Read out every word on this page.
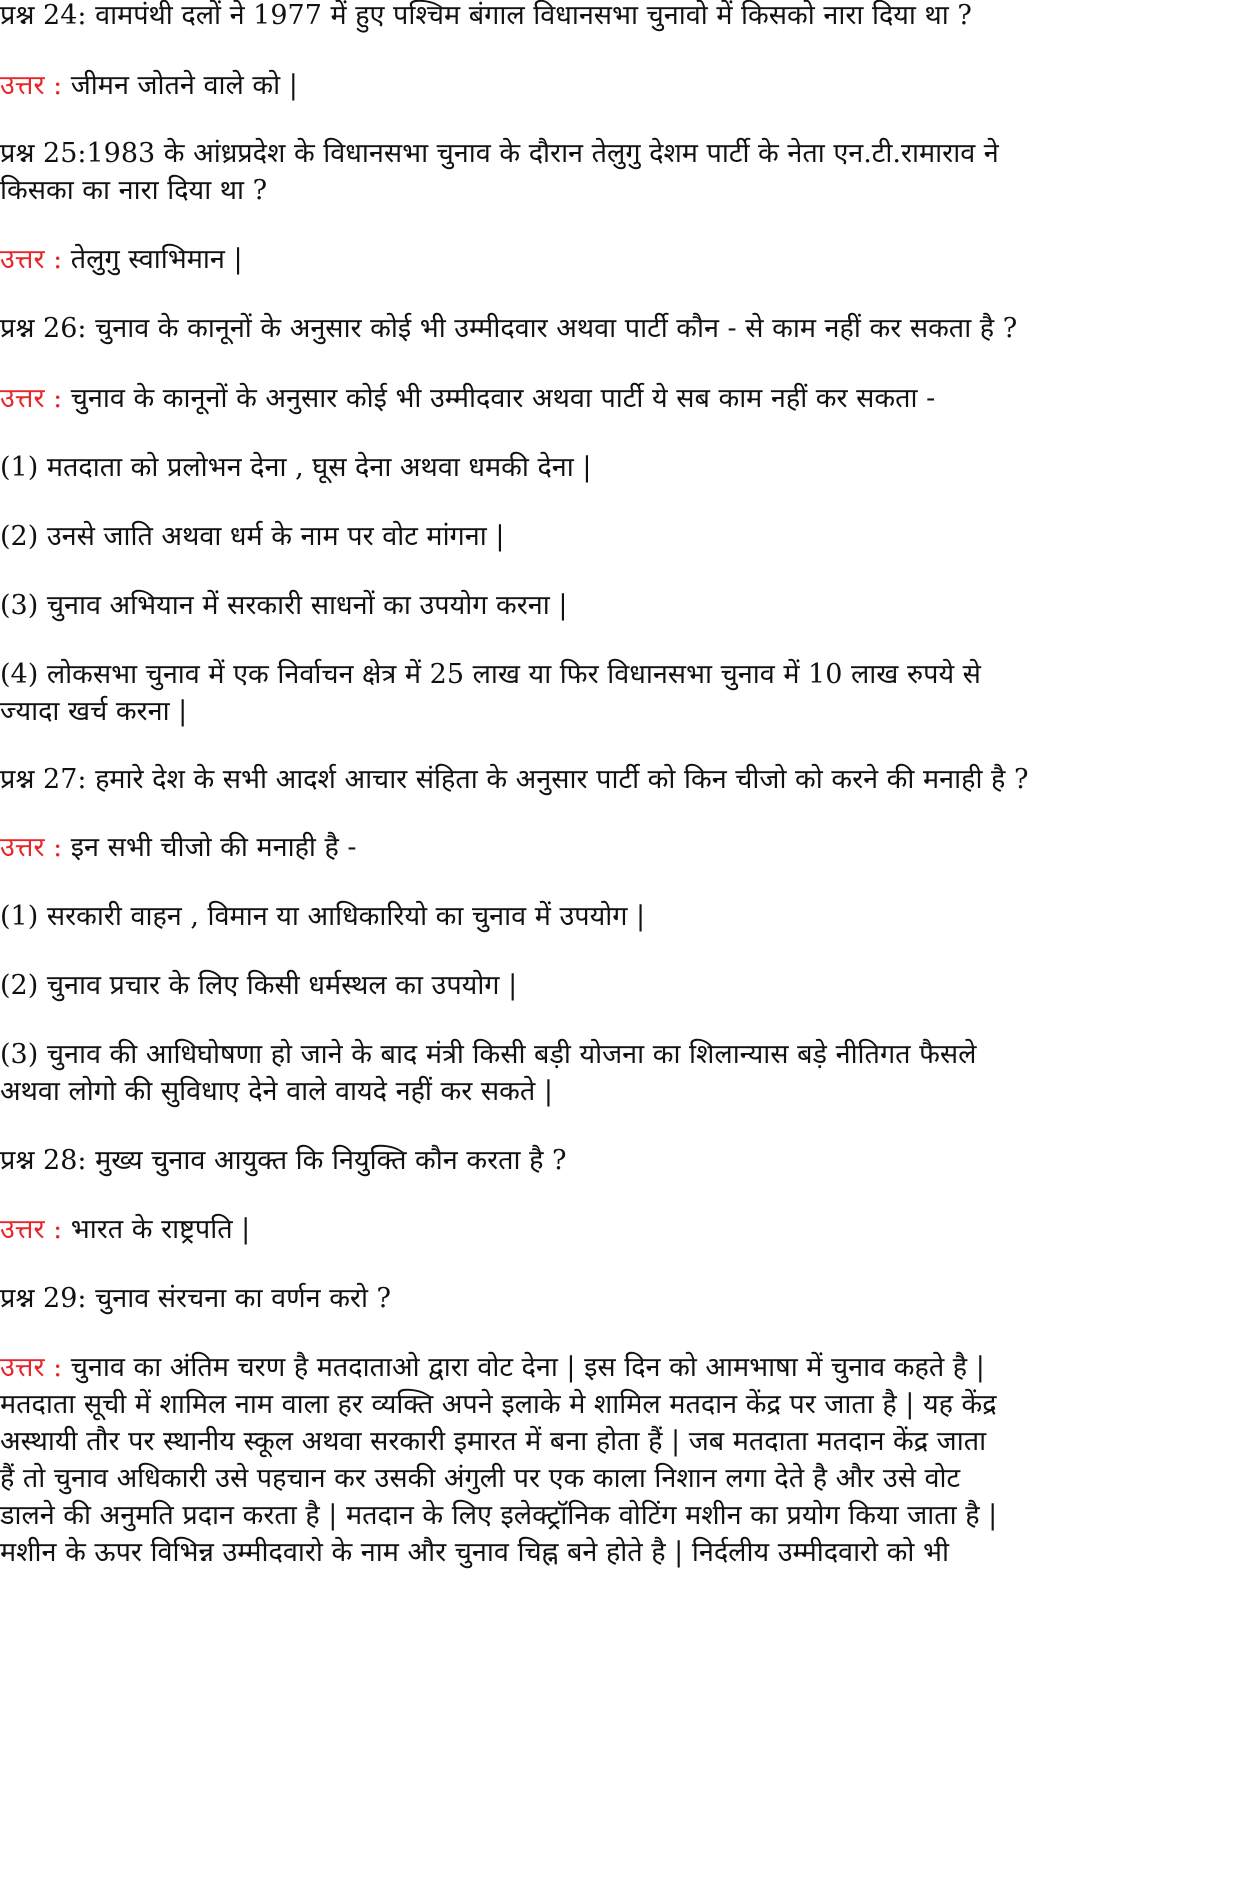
प्रश्न 24: वामपंथी दलों ने 1977 में हुए पश्चिम बंगाल विधानसभा चुनावो में किसको नारा दिया था ?

उत्तर : जीमन जोतने वाले को |

प्रश्न 25:1983 के आंध्रप्रदेश के विधानसभा चुनाव के दौरान तेलुगु देशम पार्टी के नेता एन.टी.रामाराव ने

किसका का नारा दिया था ?

उत्तर : तेलुगु स्वाभिमान |

प्रश्न 26: चुनाव के कानूनों के अनुसार कोई भी उम्मीदवार अथवा पार्टी कौन - से काम नहीं कर सकता है ?

उत्तर : चुनाव के कानूनों के अनुसार कोई भी उम्मीदवार अथवा पार्टी ये सब काम नहीं कर सकता -

(1) मतदाता को प्रलोभन देना , घूस देना अथवा धमकी देना |

(2) उनसे जाति अथवा धर्म के नाम पर वोट मांगना |

(3) चुनाव अभियान में सरकारी साधनों का उपयोग करना |

(4) लोकसभा चुनाव में एक निर्वाचन क्षेत्र में 25 लाख या फिर विधानसभा चुनाव में 10 लाख रुपये से

ज्यादा खर्च करना |

प्रश्न 27: हमारे देश के सभी आदर्श आचार संहिता के अनुसार पार्टी को किन चीजो को करने की मनाही है ?

उत्तर : इन सभी चीजो की मनाही है -

(1) सरकारी वाहन , विमान या आधिकारियो का चुनाव में उपयोग |

(2) चुनाव प्रचार के लिए किसी धर्मस्थल का उपयोग |

(3) चुनाव की आधिघोषणा हो जाने के बाद मंत्री किसी बड़ी योजना का शिलान्यास बड़े नीतिगत फैसले

अथवा लोगो की सुविधाए देने वाले वायदे नहीं कर सकते |

प्रश्न 28: मुख्य चुनाव आयुक्त कि नियुक्ति कौन करता है ?

उत्तर : भारत के राष्ट्रपति |

प्रश्न 29: चुनाव संरचना का वर्णन करो ?

उत्तर : चुनाव का अंतिम चरण है मतदाताओ द्वारा वोट देना | इस दिन को आमभाषा में चुनाव कहते है |

मतदाता सूची में शामिल नाम वाला हर व्यक्ति अपने इलाके मे शामिल मतदान केंद्र पर जाता है | यह केंद्र

अस्थायी तौर पर स्थानीय स्कूल अथवा सरकारी इमारत में बना होता हैं | जब मतदाता मतदान केंद्र जाता

हैं तो चुनाव अधिकारी उसे पहचान कर उसकी अंगुली पर एक काला निशान लगा देते है और उसे वोट

डालने की अनुमति प्रदान करता है | मतदान के लिए इलेक्ट्रॉनिक वोटिंग मशीन का प्रयोग किया जाता है |

मशीन के ऊपर विभिन्न उम्मीदवारो के नाम और चुनाव चिह्न बने होते है | निर्दलीय उम्मीदवारो को भी
